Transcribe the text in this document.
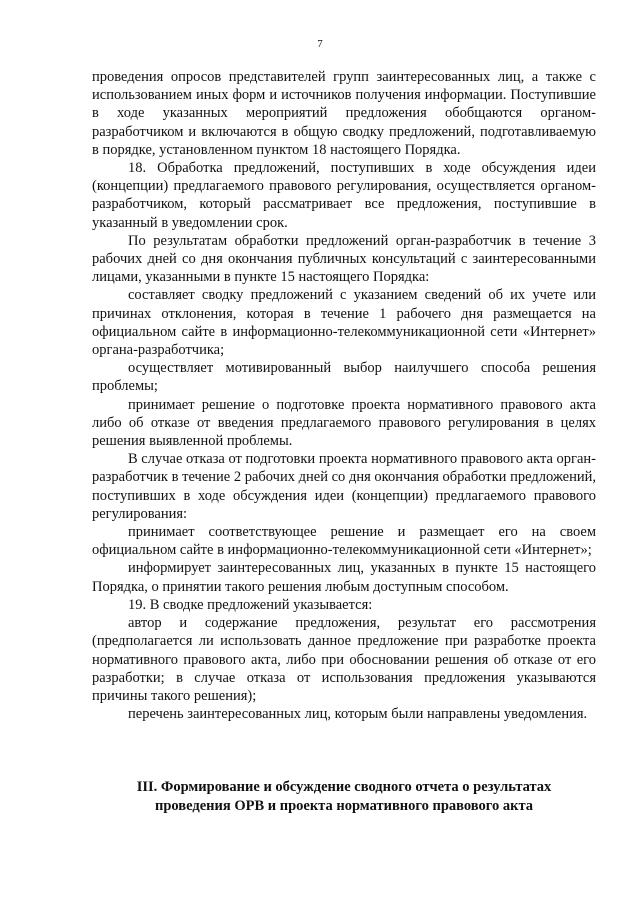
7

проведения опросов представителей групп заинтересованных лиц, а также с использованием иных форм и источников получения информации. Поступившие в ходе указанных мероприятий предложения обобщаются органом-разработчиком и включаются в общую сводку предложений, подготавливаемую в порядке, установленном пунктом 18 настоящего Порядка.

18. Обработка предложений, поступивших в ходе обсуждения идеи (концепции) предлагаемого правового регулирования, осуществляется органом-разработчиком, который рассматривает все предложения, поступившие в указанный в уведомлении срок.

По результатам обработки предложений орган-разработчик в течение 3 рабочих дней со дня окончания публичных консультаций с заинтересованными лицами, указанными в пункте 15 настоящего Порядка:

составляет сводку предложений с указанием сведений об их учете или причинах отклонения, которая в течение 1 рабочего дня размещается на официальном сайте в информационно-телекоммуникационной сети «Интернет» органа-разработчика;

осуществляет мотивированный выбор наилучшего способа решения проблемы;

принимает решение о подготовке проекта нормативного правового акта либо об отказе от введения предлагаемого правового регулирования в целях решения выявленной проблемы.

В случае отказа от подготовки проекта нормативного правового акта орган-разработчик в течение 2 рабочих дней со дня окончания обработки предложений, поступивших в ходе обсуждения идеи (концепции) предлагаемого правового регулирования:

принимает соответствующее решение и размещает его на своем официальном сайте в информационно-телекоммуникационной сети «Интернет»;

информирует заинтересованных лиц, указанных в пункте 15 настоящего Порядка, о принятии такого решения любым доступным способом.

19. В сводке предложений указывается:

автор и содержание предложения, результат его рассмотрения (предполагается ли использовать данное предложение при разработке проекта нормативного правового акта, либо при обосновании решения об отказе от его разработки; в случае отказа от использования предложения указываются причины такого решения);

перечень заинтересованных лиц, которым были направлены уведомления.

III. Формирование и обсуждение сводного отчета о результатах
проведения ОРВ и проекта нормативного правового акта
